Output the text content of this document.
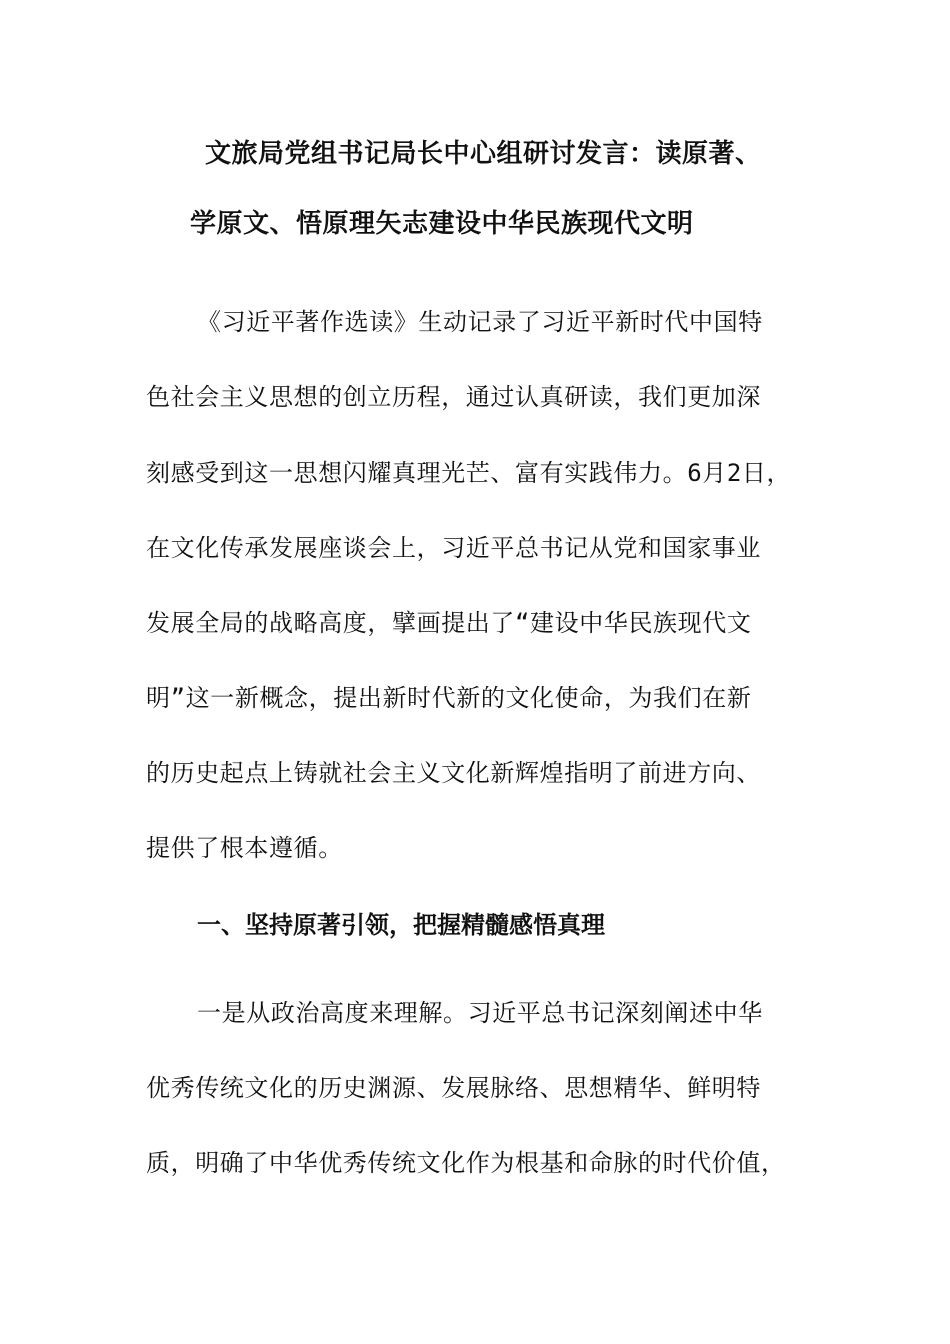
文旅局党组书记局长中心组研讨发言：读原著、
学原文、悟原理矢志建设中华民族现代文明

《习近平著作选读》生动记录了习近平新时代中国特

色社会主义思想的创立历程，通过认真研读，我们更加深

刻感受到这一思想闪耀真理光芒、富有实践伟力。6月2日，

在文化传承发展座谈会上，习近平总书记从党和国家事业

发展全局的战略高度，擘画提出了“建设中华民族现代文

明”这一新概念，提出新时代新的文化使命，为我们在新

的历史起点上铸就社会主义文化新辉煌指明了前进方向、

提供了根本遵循。

一、坚持原著引领，把握精髓感悟真理

一是从政治高度来理解。习近平总书记深刻阐述中华

优秀传统文化的历史渊源、发展脉络、思想精华、鲜明特

质，明确了中华优秀传统文化作为根基和命脉的时代价值，
